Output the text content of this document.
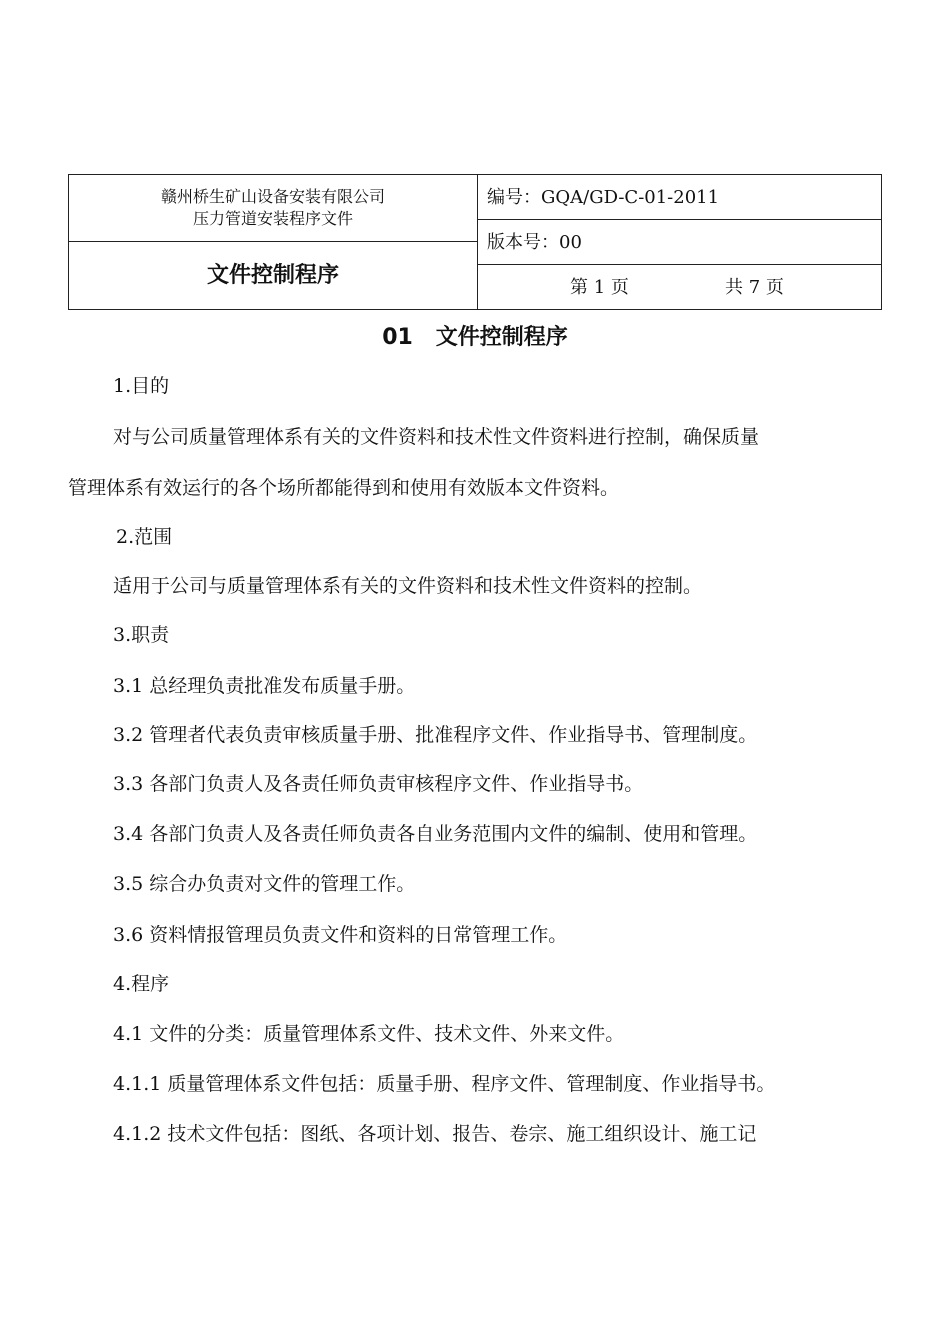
赣州桥生矿山设备安装有限公司
压力管道安装程序文件
文件控制程序
编号：GQA/GD-C-01-2011
版本号：00
第 1 页	共 7 页
01   文件控制程序
1.目的
对与公司质量管理体系有关的文件资料和技术性文件资料进行控制，确保质量
管理体系有效运行的各个场所都能得到和使用有效版本文件资料。
2.范围
适用于公司与质量管理体系有关的文件资料和技术性文件资料的控制。
3.职责
3.1 总经理负责批准发布质量手册。
3.2 管理者代表负责审核质量手册、批准程序文件、作业指导书、管理制度。
3.3 各部门负责人及各责任师负责审核程序文件、作业指导书。
3.4 各部门负责人及各责任师负责各自业务范围内文件的编制、使用和管理。
3.5 综合办负责对文件的管理工作。
3.6 资料情报管理员负责文件和资料的日常管理工作。
4.程序
4.1 文件的分类：质量管理体系文件、技术文件、外来文件。
4.1.1 质量管理体系文件包括：质量手册、程序文件、管理制度、作业指导书。
4.1.2 技术文件包括：图纸、各项计划、报告、卷宗、施工组织设计、施工记
